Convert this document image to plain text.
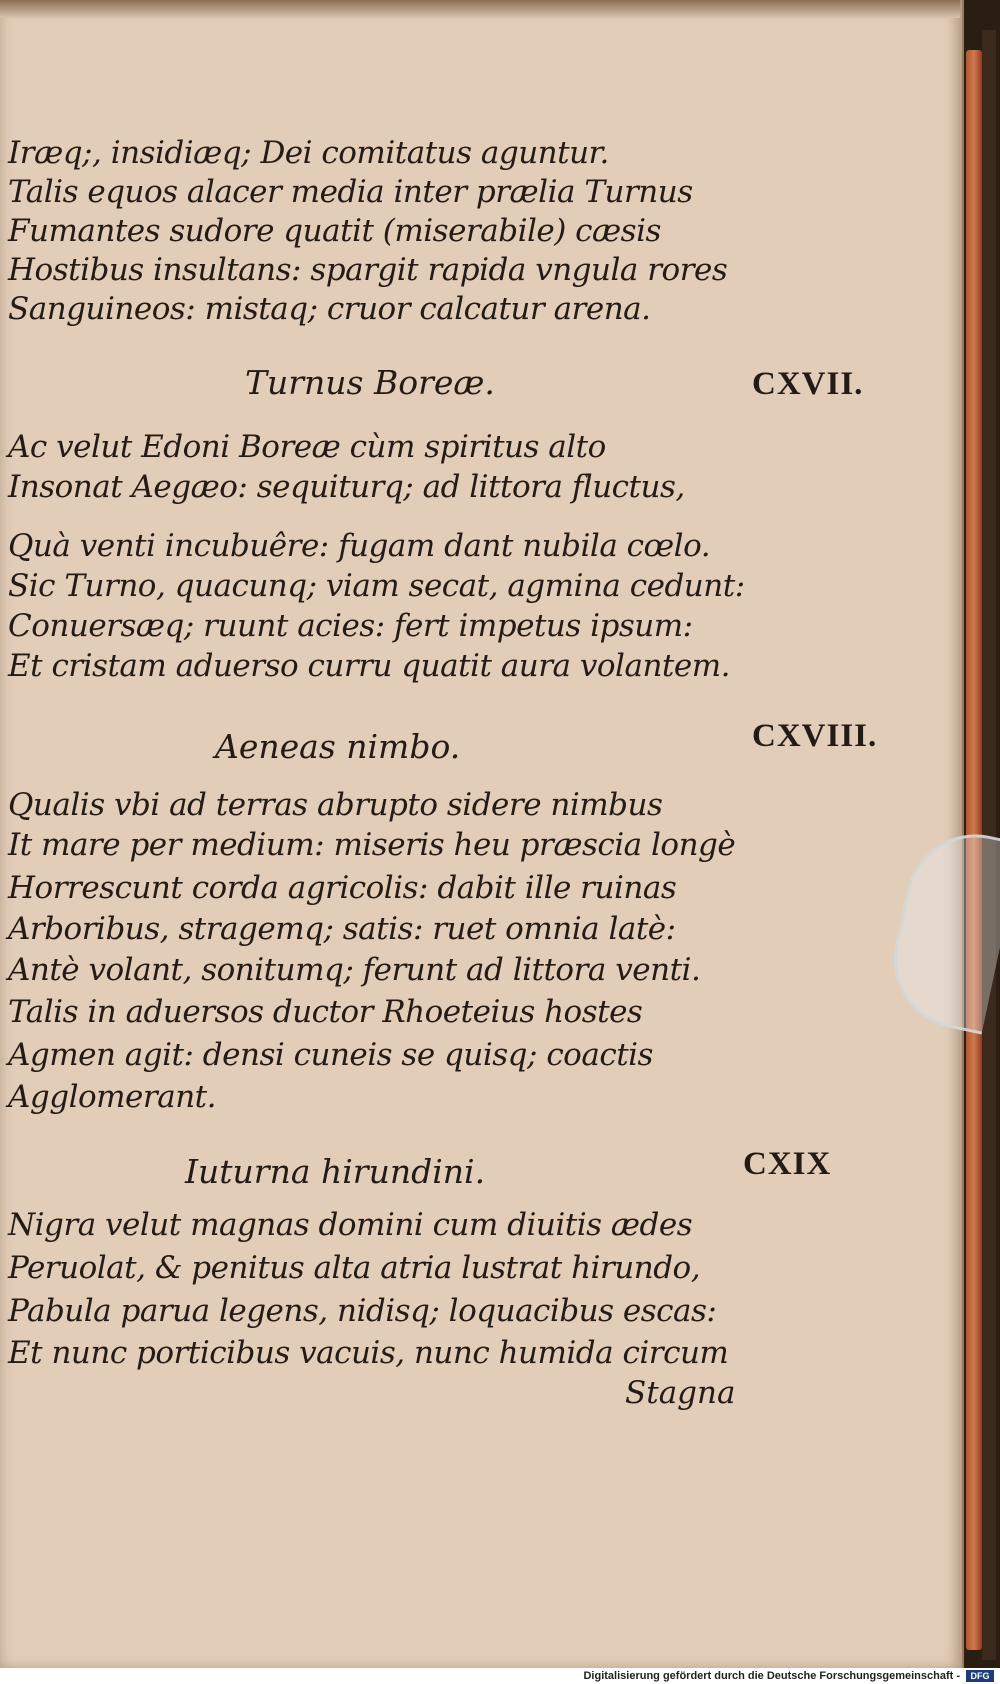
Iræq;, insidiæq; Dei comitatus aguntur.
Talis equos alacer media inter prælia Turnus
Fumantes sudore quatit (miserabile) cæsis
Hostibus insultans: spargit rapida vngula rores
Sanguineos: mistaq; cruor calcatur arena.
Turnus Boreæ.	CXVII.
Ac velut Edoni Boreæ cùm spiritus alto
Insonat Aegæo: sequiturq; ad littora fluctus,
Quà venti incubuêre: fugam dant nubila cœlo.
Sic Turno, quacunq; viam secat, agmina cedunt:
Conuersæq; ruunt acies: fert impetus ipsum:
Et cristam aduerso curru quatit aura volantem.
Aeneas nimbo.	CXVIII.
Qualis vbi ad terras abrupto sidere nimbus
It mare per medium: miseris heu præscia longè
Horrescunt corda agricolis: dabit ille ruinas
Arboribus, stragemq; satis: ruet omnia latè:
Antè volant, sonitumq; ferunt ad littora venti.
Talis in aduersos ductor Rhoeteius hostes
Agmen agit: densi cuneis se quisq; coactis
Agglomerant.
Iuturna hirundini.	CXIX
Nigra velut magnas domini cum diuitis ædes
Peruolat, & penitus alta atria lustrat hirundo,
Pabula parua legens, nidisq; loquacibus escas:
Et nunc porticibus vacuis, nunc humida circum
Stagna
Digitalisierung gefördert durch die Deutsche Forschungsgemeinschaft -	DFG
